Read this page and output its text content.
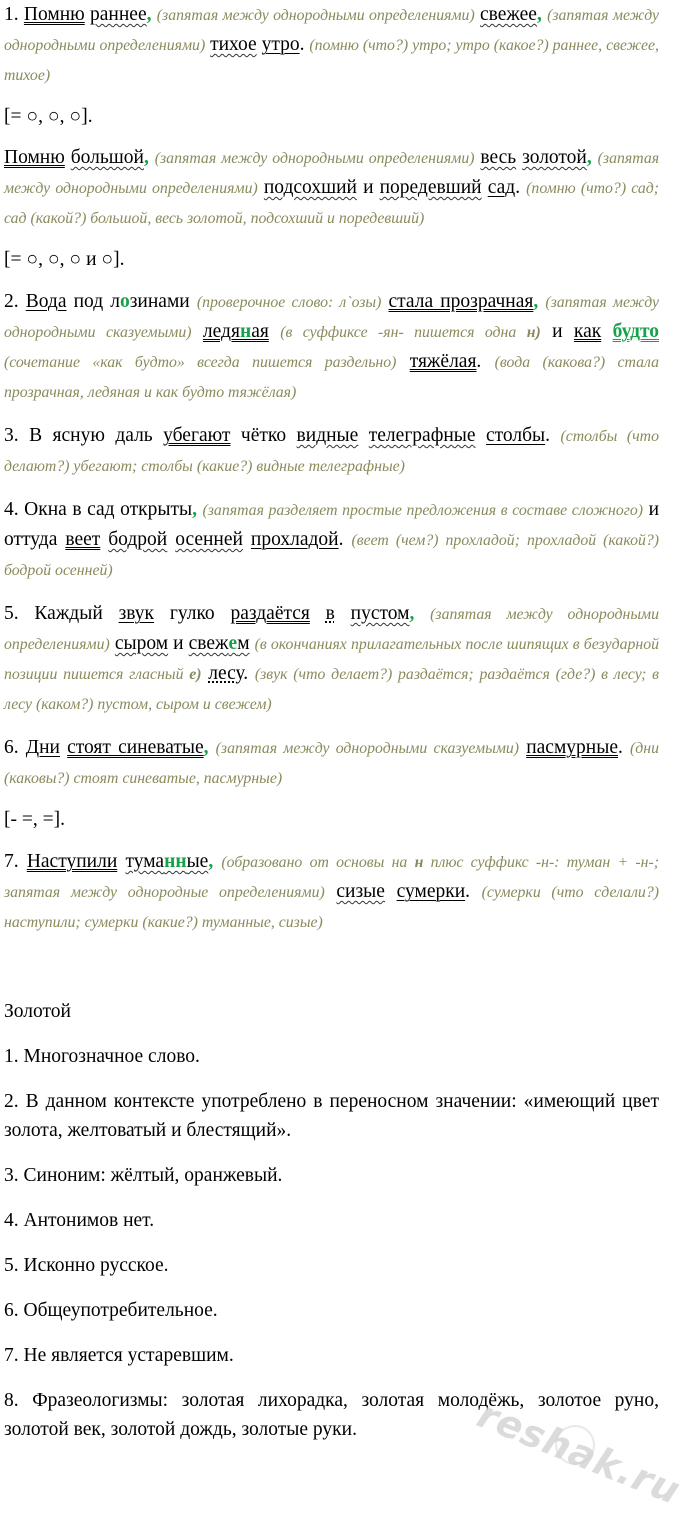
1. Помню раннее, (запятая между однородными определениями) свежее, (запятая между однородными определениями) тихое утро. (помню (что?) утро; утро (какое?) раннее, свежее, тихое)

[= ○, ○, ○].

Помню большой, (запятая между однородными определениями) весь золотой, (запятая между однородными определениями) подсохший и поредевший сад. (помню (что?) сад; сад (какой?) большой, весь золотой, подсохший и поредевший)

[= ○, ○, ○ и ○].

2. Вода под лозинами (проверочное слово: л`озы) стала прозрачная, (запятая между однородными сказуемыми) ледяная (в суффиксе -ян- пишется одна н) и как будто (сочетание «как будто» всегда пишется раздельно) тяжёлая. (вода (какова?) стала прозрачная, ледяная и как будто тяжёлая)

3. В ясную даль убегают чётко видные телеграфные столбы. (столбы (что делают?) убегают; столбы (какие?) видные телеграфные)

4. Окна в сад открыты, (запятая разделяет простые предложения в составе сложного) и оттуда веет бодрой осенней прохладой. (веет (чем?) прохладой; прохладой (какой?) бодрой осенней)

5. Каждый звук гулко раздаётся в пустом, (запятая между однородными определениями) сыром и свежем (в окончаниях прилагательных после шипящих в безударной позиции пишется гласный е) лесу. (звук (что делает?) раздаётся; раздаётся (где?) в лесу; в лесу (каком?) пустом, сыром и свежем)

6. Дни стоят синеватые, (запятая между однородными сказуемыми) пасмурные. (дни (каковы?) стоят синеватые, пасмурные)

[- =, =].

7. Наступили туманные, (образовано от основы на н плюс суффикс -н-: туман + -н-; запятая между однородные определениями) сизые сумерки. (сумерки (что сделали?) наступили; сумерки (какие?) туманные, сизые)

Золотой

1. Многозначное слово.

2. В данном контексте употреблено в переносном значении: «имеющий цвет золота, желтоватый и блестящий».

3. Синоним: жёлтый, оранжевый.

4. Антонимов нет.

5. Исконно русское.

6. Общеупотребительное.

7. Не является устаревшим.

8. Фразеологизмы: золотая лихорадка, золотая молодёжь, золотое руно, золотой век, золотой дождь, золотые руки.	reshak.ru
